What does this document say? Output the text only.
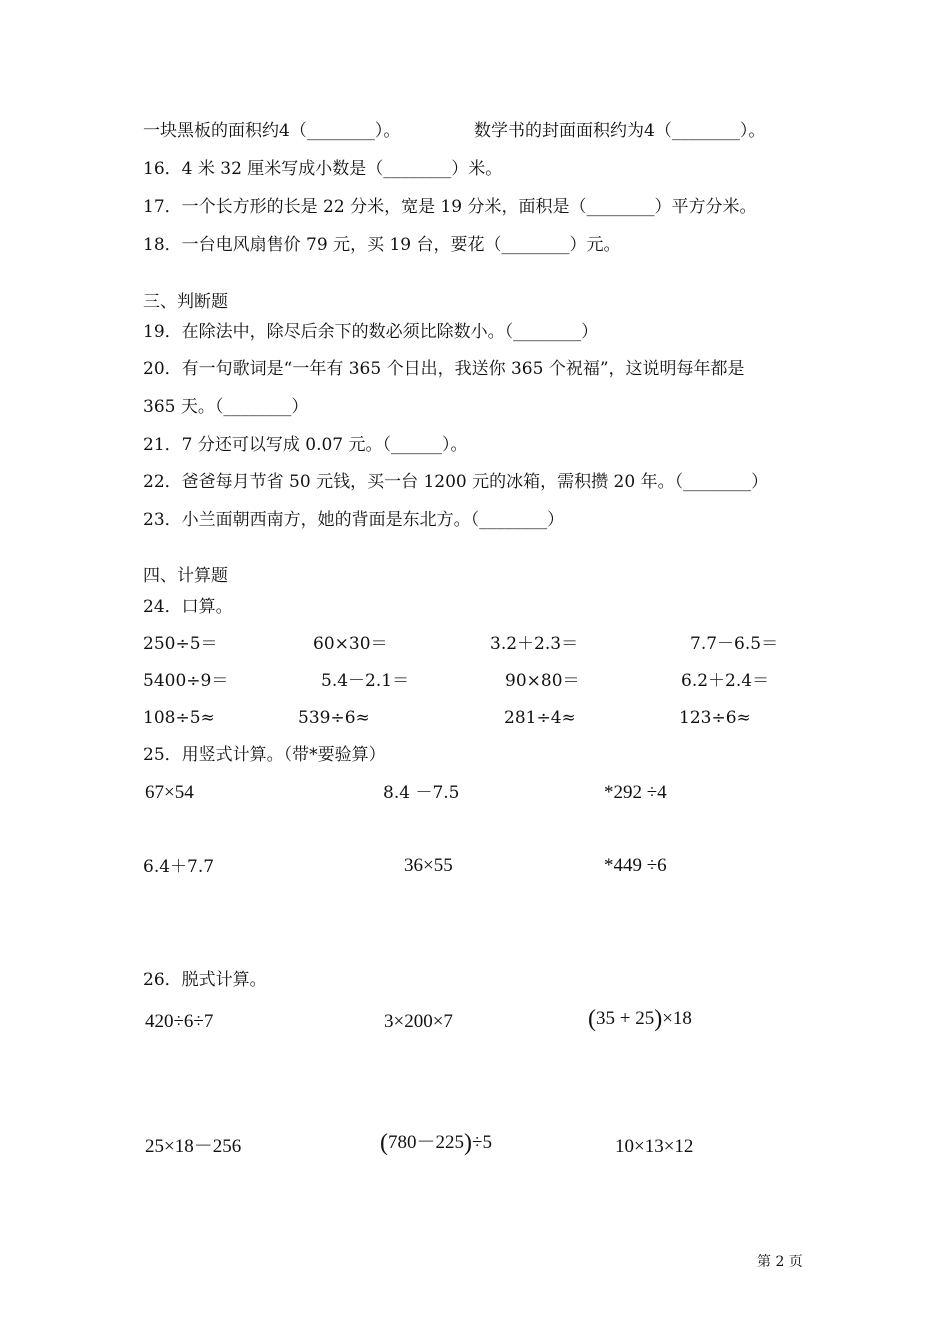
一块黑板的面积约4（________）。	数学书的封面面积约为4（________）。
16．4 米 32 厘米写成小数是（________）米。
17．一个长方形的长是 22 分米，宽是 19 分米，面积是（________）平方分米。
18．一台电风扇售价 79 元，买 19 台，要花（________）元。
三、判断题
19．在除法中，除尽后余下的数必须比除数小。（________）
20．有一句歌词是“一年有 365 个日出，我送你 365 个祝福”，这说明每年都是
365 天。（________）
21．7 分还可以写成 0.07 元。（______）。
22．爸爸每月节省 50 元钱，买一台 1200 元的冰箱，需积攒 20 年。（________）
23．小兰面朝西南方，她的背面是东北方。（________）
四、计算题
24．口算。
250÷5＝	60×30＝	3.2＋2.3＝	7.7－6.5＝
5400÷9＝	5.4－2.1＝	90×80＝	6.2＋2.4＝
108÷5≈	539÷6≈	281÷4≈	123÷6≈
25．用竖式计算。（带*要验算）
67×54	8.4 －7.5	*292 ÷4
6.4＋7.7	36×55	*449 ÷6
26．脱式计算。
420÷6÷7	3×200×7	(35 + 25)×18
25×18－256	(780－225)÷5	10×13×12
第 2 页
